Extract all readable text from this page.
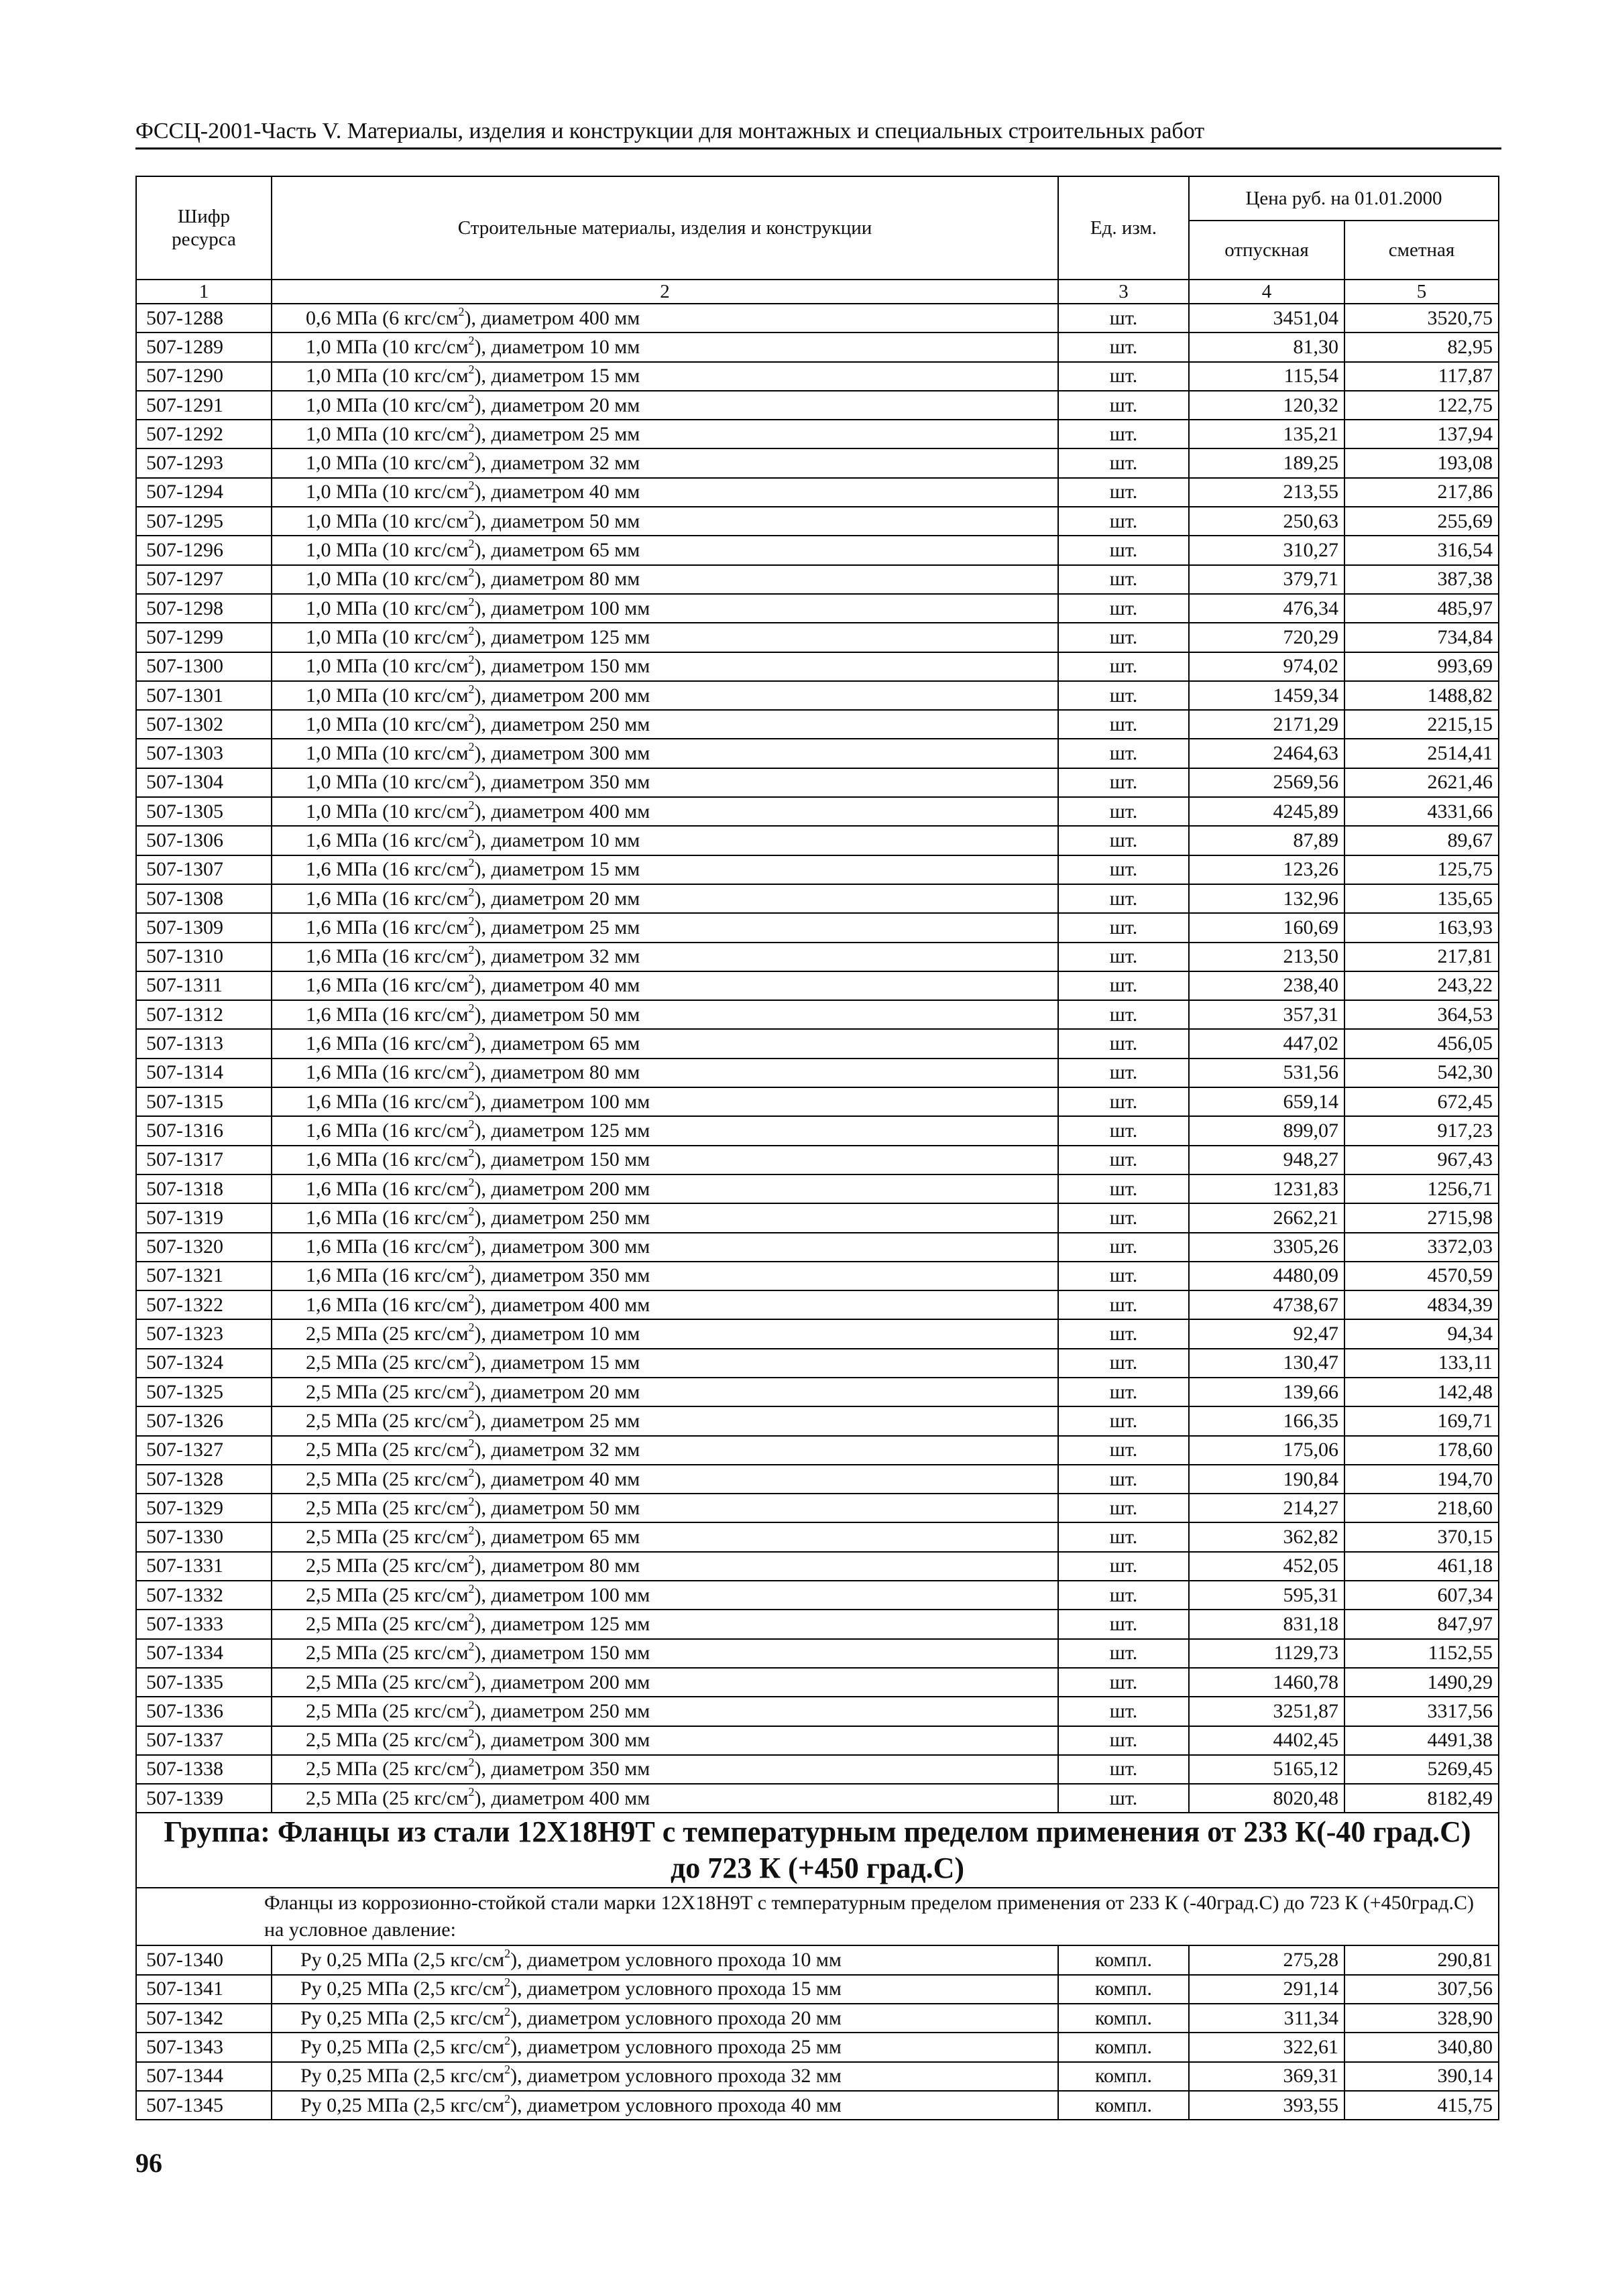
ФССЦ-2001-Часть V. Материалы, изделия и конструкции для монтажных и специальных строительных работ
Шифр ресурса	Строительные материалы, изделия и конструкции	Ед. изм.	Цена руб. на 01.01.2000	
			отпускная	сметная
1	2	3	4	5
507-1288	0,6 МПа (6 кгс/$см^2$), диаметром 400 мм	шт.	3451,04	3520,75
507-1289	1,0 МПа (10 кгс/$см^2$), диаметром 10 мм	шт.	81,30	82,95
507-1290	1,0 МПа (10 кгс/$см^2$), диаметром 15 мм	шт.	115,54	117,87
507-1291	1,0 МПа (10 кгс/$см^2$), диаметром 20 мм	шт.	120,32	122,75
507-1292	1,0 МПа (10 кгс/$см^2$), диаметром 25 мм	шт.	135,21	137,94
507-1293	1,0 МПа (10 кгс/$см^2$), диаметром 32 мм	шт.	189,25	193,08
507-1294	1,0 МПа (10 кгс/$см^2$), диаметром 40 мм	шт.	213,55	217,86
507-1295	1,0 МПа (10 кгс/$см^2$), диаметром 50 мм	шт.	250,63	255,69
507-1296	1,0 МПа (10 кгс/$см^2$), диаметром 65 мм	шт.	310,27	316,54
507-1297	1,0 МПа (10 кгс/$см^2$), диаметром 80 мм	шт.	379,71	387,38
507-1298	1,0 МПа (10 кгс/$см^2$), диаметром 100 мм	шт.	476,34	485,97
507-1299	1,0 МПа (10 кгс/$см^2$), диаметром 125 мм	шт.	720,29	734,84
507-1300	1,0 МПа (10 кгс/$см^2$), диаметром 150 мм	шт.	974,02	993,69
507-1301	1,0 МПа (10 кгс/$см^2$), диаметром 200 мм	шт.	1459,34	1488,82
507-1302	1,0 МПа (10 кгс/$см^2$), диаметром 250 мм	шт.	2171,29	2215,15
507-1303	1,0 МПа (10 кгс/$см^2$), диаметром 300 мм	шт.	2464,63	2514,41
507-1304	1,0 МПа (10 кгс/$см^2$), диаметром 350 мм	шт.	2569,56	2621,46
507-1305	1,0 МПа (10 кгс/$см^2$), диаметром 400 мм	шт.	4245,89	4331,66
507-1306	1,6 МПа (16 кгс/$см^2$), диаметром 10 мм	шт.	87,89	89,67
507-1307	1,6 МПа (16 кгс/$см^2$), диаметром 15 мм	шт.	123,26	125,75
507-1308	1,6 МПа (16 кгс/$см^2$), диаметром 20 мм	шт.	132,96	135,65
507-1309	1,6 МПа (16 кгс/$см^2$), диаметром 25 мм	шт.	160,69	163,93
507-1310	1,6 МПа (16 кгс/$см^2$), диаметром 32 мм	шт.	213,50	217,81
507-1311	1,6 МПа (16 кгс/$см^2$), диаметром 40 мм	шт.	238,40	243,22
507-1312	1,6 МПа (16 кгс/$см^2$), диаметром 50 мм	шт.	357,31	364,53
507-1313	1,6 МПа (16 кгс/$см^2$), диаметром 65 мм	шт.	447,02	456,05
507-1314	1,6 МПа (16 кгс/$см^2$), диаметром 80 мм	шт.	531,56	542,30
507-1315	1,6 МПа (16 кгс/$см^2$), диаметром 100 мм	шт.	659,14	672,45
507-1316	1,6 МПа (16 кгс/$см^2$), диаметром 125 мм	шт.	899,07	917,23
507-1317	1,6 МПа (16 кгс/$см^2$), диаметром 150 мм	шт.	948,27	967,43
507-1318	1,6 МПа (16 кгс/$см^2$), диаметром 200 мм	шт.	1231,83	1256,71
507-1319	1,6 МПа (16 кгс/$см^2$), диаметром 250 мм	шт.	2662,21	2715,98
507-1320	1,6 МПа (16 кгс/$см^2$), диаметром 300 мм	шт.	3305,26	3372,03
507-1321	1,6 МПа (16 кгс/$см^2$), диаметром 350 мм	шт.	4480,09	4570,59
507-1322	1,6 МПа (16 кгс/$см^2$), диаметром 400 мм	шт.	4738,67	4834,39
507-1323	2,5 МПа (25 кгс/$см^2$), диаметром 10 мм	шт.	92,47	94,34
507-1324	2,5 МПа (25 кгс/$см^2$), диаметром 15 мм	шт.	130,47	133,11
507-1325	2,5 МПа (25 кгс/$см^2$), диаметром 20 мм	шт.	139,66	142,48
507-1326	2,5 МПа (25 кгс/$см^2$), диаметром 25 мм	шт.	166,35	169,71
507-1327	2,5 МПа (25 кгс/$см^2$), диаметром 32 мм	шт.	175,06	178,60
507-1328	2,5 МПа (25 кгс/$см^2$), диаметром 40 мм	шт.	190,84	194,70
507-1329	2,5 МПа (25 кгс/$см^2$), диаметром 50 мм	шт.	214,27	218,60
507-1330	2,5 МПа (25 кгс/$см^2$), диаметром 65 мм	шт.	362,82	370,15
507-1331	2,5 МПа (25 кгс/$см^2$), диаметром 80 мм	шт.	452,05	461,18
507-1332	2,5 МПа (25 кгс/$см^2$), диаметром 100 мм	шт.	595,31	607,34
507-1333	2,5 МПа (25 кгс/$см^2$), диаметром 125 мм	шт.	831,18	847,97
507-1334	2,5 МПа (25 кгс/$см^2$), диаметром 150 мм	шт.	1129,73	1152,55
507-1335	2,5 МПа (25 кгс/$см^2$), диаметром 200 мм	шт.	1460,78	1490,29
507-1336	2,5 МПа (25 кгс/$см^2$), диаметром 250 мм	шт.	3251,87	3317,56
507-1337	2,5 МПа (25 кгс/$см^2$), диаметром 300 мм	шт.	4402,45	4491,38
507-1338	2,5 МПа (25 кгс/$см^2$), диаметром 350 мм	шт.	5165,12	5269,45
507-1339	2,5 МПа (25 кгс/$см^2$), диаметром 400 мм	шт.	8020,48	8182,49
Группа: Фланцы из стали 12Х18Н9Т с температурным пределом применения от 233 К(-40 град.С) до 723 К (+450 град.С)				
Фланцы из коррозионно-стойкой стали марки 12Х18Н9Т с температурным пределом применения от 233 К (-40град.С) до 723 К (+450град.С) на условное давление:				
507-1340	Ру 0,25 МПа (2,5 кгс/$см^2$), диаметром условного прохода 10 мм	компл.	275,28	290,81
507-1341	Ру 0,25 МПа (2,5 кгс/$см^2$), диаметром условного прохода 15 мм	компл.	291,14	307,56
507-1342	Ру 0,25 МПа (2,5 кгс/$см^2$), диаметром условного прохода 20 мм	компл.	311,34	328,90
507-1343	Ру 0,25 МПа (2,5 кгс/$см^2$), диаметром условного прохода 25 мм	компл.	322,61	340,80
507-1344	Ру 0,25 МПа (2,5 кгс/$см^2$), диаметром условного прохода 32 мм	компл.	369,31	390,14
507-1345	Ру 0,25 МПа (2,5 кгс/$см^2$), диаметром условного прохода 40 мм	компл.	393,55	415,75
96
